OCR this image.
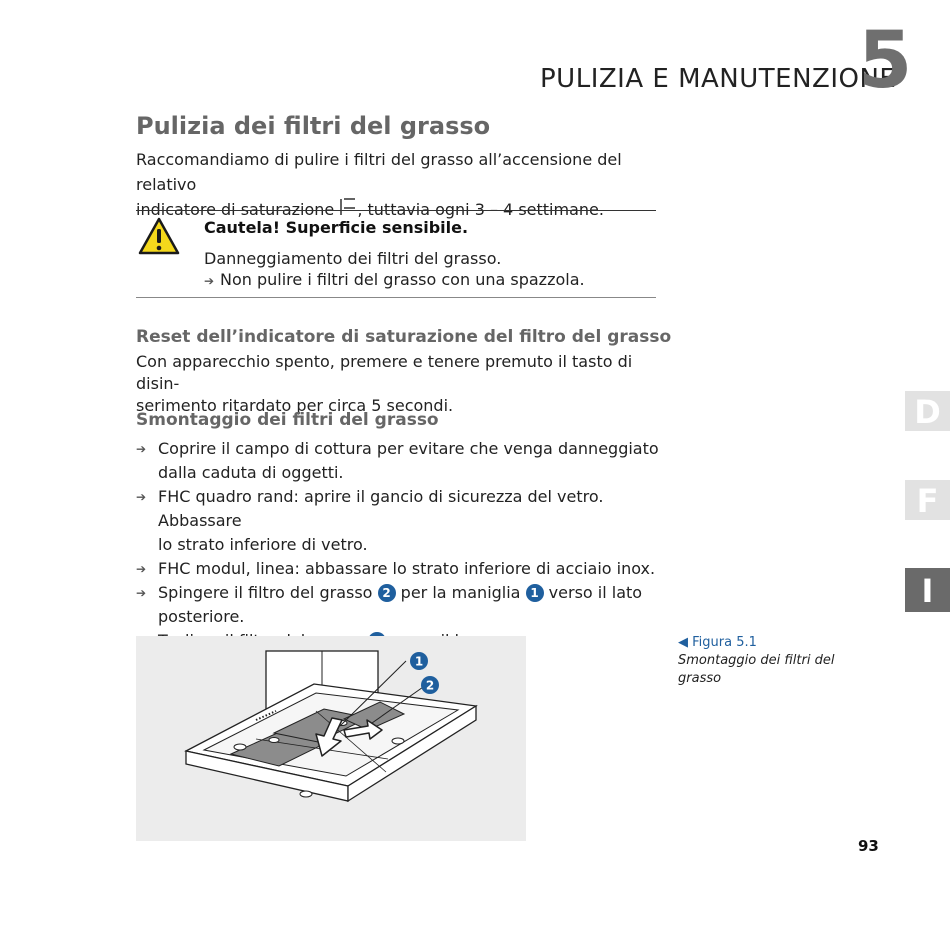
PULIZIA E MANUTENZIONE
5
Pulizia dei filtri del grasso
Raccomandiamo di pulire i filtri del grasso all’accensione del relativo
indicatore di saturazione , tuttavia ogni 3 – 4 settimane.
Cautela! Superficie sensibile.
Danneggiamento dei filtri del grasso.
➔ Non pulire i filtri del grasso con una spazzola.
Reset dell’indicatore di saturazione del filtro del grasso
Con apparecchio spento, premere e tenere premuto il tasto di disin-
serimento ritardato per circa 5 secondi.
Smontaggio dei filtri del grasso
➔ Coprire il campo di cottura per evitare che venga danneggiato
dalla caduta di oggetti.
➔ FHC quadro rand: aprire il gancio di sicurezza del vetro. Abbassare
lo strato inferiore di vetro.
➔ FHC modul, linea: abbassare lo strato inferiore di acciaio inox.
➔ Spingere il filtro del grasso 2 per la maniglia 1 verso il lato
posteriore.
1
2
◀ Figura 5.1
Smontaggio dei filtri del grasso
D
F
I
93
